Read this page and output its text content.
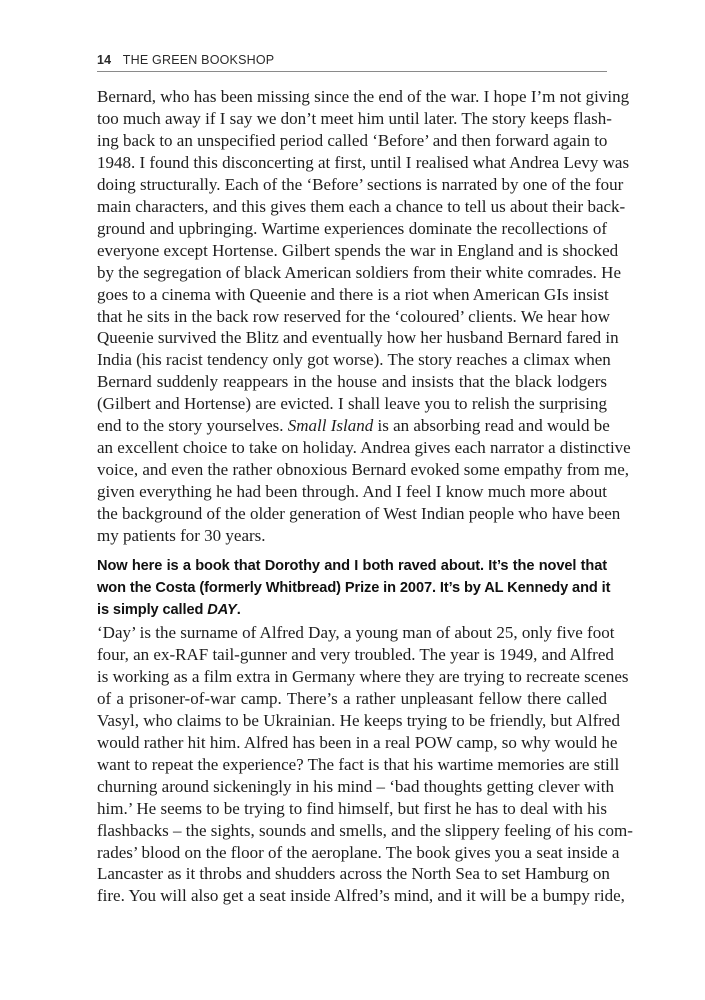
14 THE GREEN BOOKSHOP
Bernard, who has been missing since the end of the war. I hope I’m not giving
too much away if I say we don’t meet him until later. The story keeps flash-
ing back to an unspecified period called ‘Before’ and then forward again to
1948. I found this disconcerting at first, until I realised what Andrea Levy was
doing structurally. Each of the ‘Before’ sections is narrated by one of the four
main characters, and this gives them each a chance to tell us about their back-
ground and upbringing. Wartime experiences dominate the recollections of
everyone except Hortense. Gilbert spends the war in England and is shocked
by the segregation of black American soldiers from their white comrades. He
goes to a cinema with Queenie and there is a riot when American GIs insist
that he sits in the back row reserved for the ‘coloured’ clients. We hear how
Queenie survived the Blitz and eventually how her husband Bernard fared in
India (his racist tendency only got worse). The story reaches a climax when
Bernard suddenly reappears in the house and insists that the black lodgers
(Gilbert and Hortense) are evicted. I shall leave you to relish the surprising
end to the story yourselves. Small Island is an absorbing read and would be
an excellent choice to take on holiday. Andrea gives each narrator a distinctive
voice, and even the rather obnoxious Bernard evoked some empathy from me,
given everything he had been through. And I feel I know much more about
the background of the older generation of West Indian people who have been
my patients for 30 years.
Now here is a book that Dorothy and I both raved about. It’s the novel that
won the Costa (formerly Whitbread) Prize in 2007. It’s by AL Kennedy and it
is simply called DAY.
‘Day’ is the surname of Alfred Day, a young man of about 25, only five foot
four, an ex-RAF tail-gunner and very troubled. The year is 1949, and Alfred
is working as a film extra in Germany where they are trying to recreate scenes
of a prisoner-of-war camp. There’s a rather unpleasant fellow there called
Vasyl, who claims to be Ukrainian. He keeps trying to be friendly, but Alfred
would rather hit him. Alfred has been in a real POW camp, so why would he
want to repeat the experience? The fact is that his wartime memories are still
churning around sickeningly in his mind – ‘bad thoughts getting clever with
him.’ He seems to be trying to find himself, but first he has to deal with his
flashbacks – the sights, sounds and smells, and the slippery feeling of his com-
rades’ blood on the floor of the aeroplane. The book gives you a seat inside a
Lancaster as it throbs and shudders across the North Sea to set Hamburg on
fire. You will also get a seat inside Alfred’s mind, and it will be a bumpy ride,
